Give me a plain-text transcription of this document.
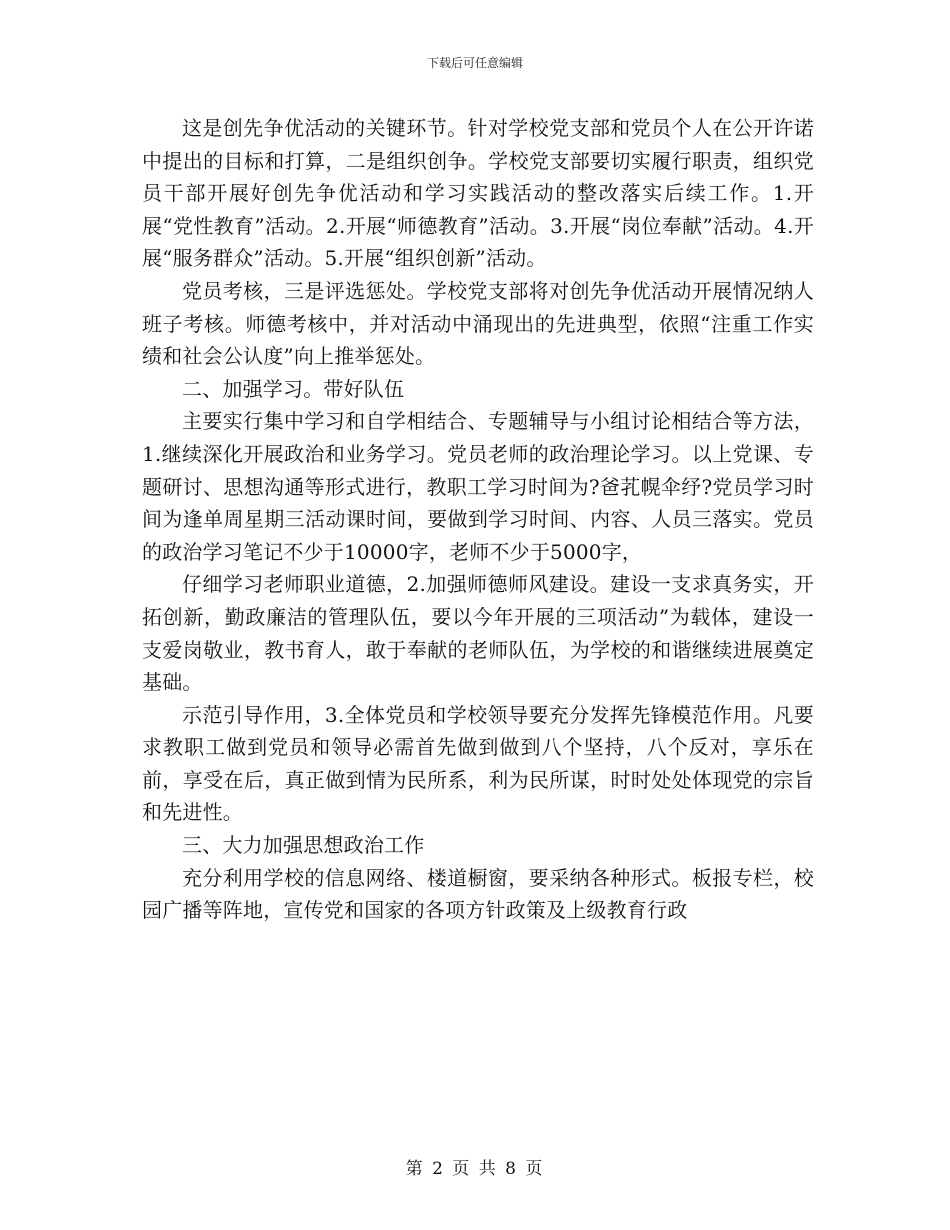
下载后可任意编辑

这是创先争优活动的关键环节。针对学校党支部和党员个人在公开许诺中提出的目标和打算，二是组织创争。学校党支部要切实履行职责，组织党员干部开展好创先争优活动和学习实践活动的整改落实后续工作。1.开展“党性教育”活动。2.开展“师德教育”活动。3.开展“岗位奉献”活动。4.开展“服务群众”活动。5.开展“组织创新”活动。

党员考核，三是评选惩处。学校党支部将对创先争优活动开展情况纳人班子考核。师德考核中，并对活动中涌现出的先进典型，依照“注重工作实绩和社会公认度”向上推举惩处。

二、加强学习。带好队伍

主要实行集中学习和自学相结合、专题辅导与小组讨论相结合等方法，1.继续深化开展政治和业务学习。党员老师的政治理论学习。以上党课、专题研讨、思想沟通等形式进行，教职工学习时间为?爸芤幌伞纾?党员学习时间为逢单周星期三活动课时间，要做到学习时间、内容、人员三落实。党员的政治学习笔记不少于10000字，老师不少于5000字，

仔细学习老师职业道德，2.加强师德师风建设。建设一支求真务实，开拓创新，勤政廉洁的管理队伍，要以今年开展的三项活动”为载体，建设一支爱岗敬业，教书育人，敢于奉献的老师队伍，为学校的和谐继续进展奠定基础。

示范引导作用，3.全体党员和学校领导要充分发挥先锋模范作用。凡要求教职工做到党员和领导必需首先做到做到八个坚持，八个反对，享乐在前，享受在后，真正做到情为民所系，利为民所谋，时时处处体现党的宗旨和先进性。

三、大力加强思想政治工作

充分利用学校的信息网络、楼道橱窗，要采纳各种形式。板报专栏，校园广播等阵地，宣传党和国家的各项方针政策及上级教育行政

第 2 页 共 8 页
